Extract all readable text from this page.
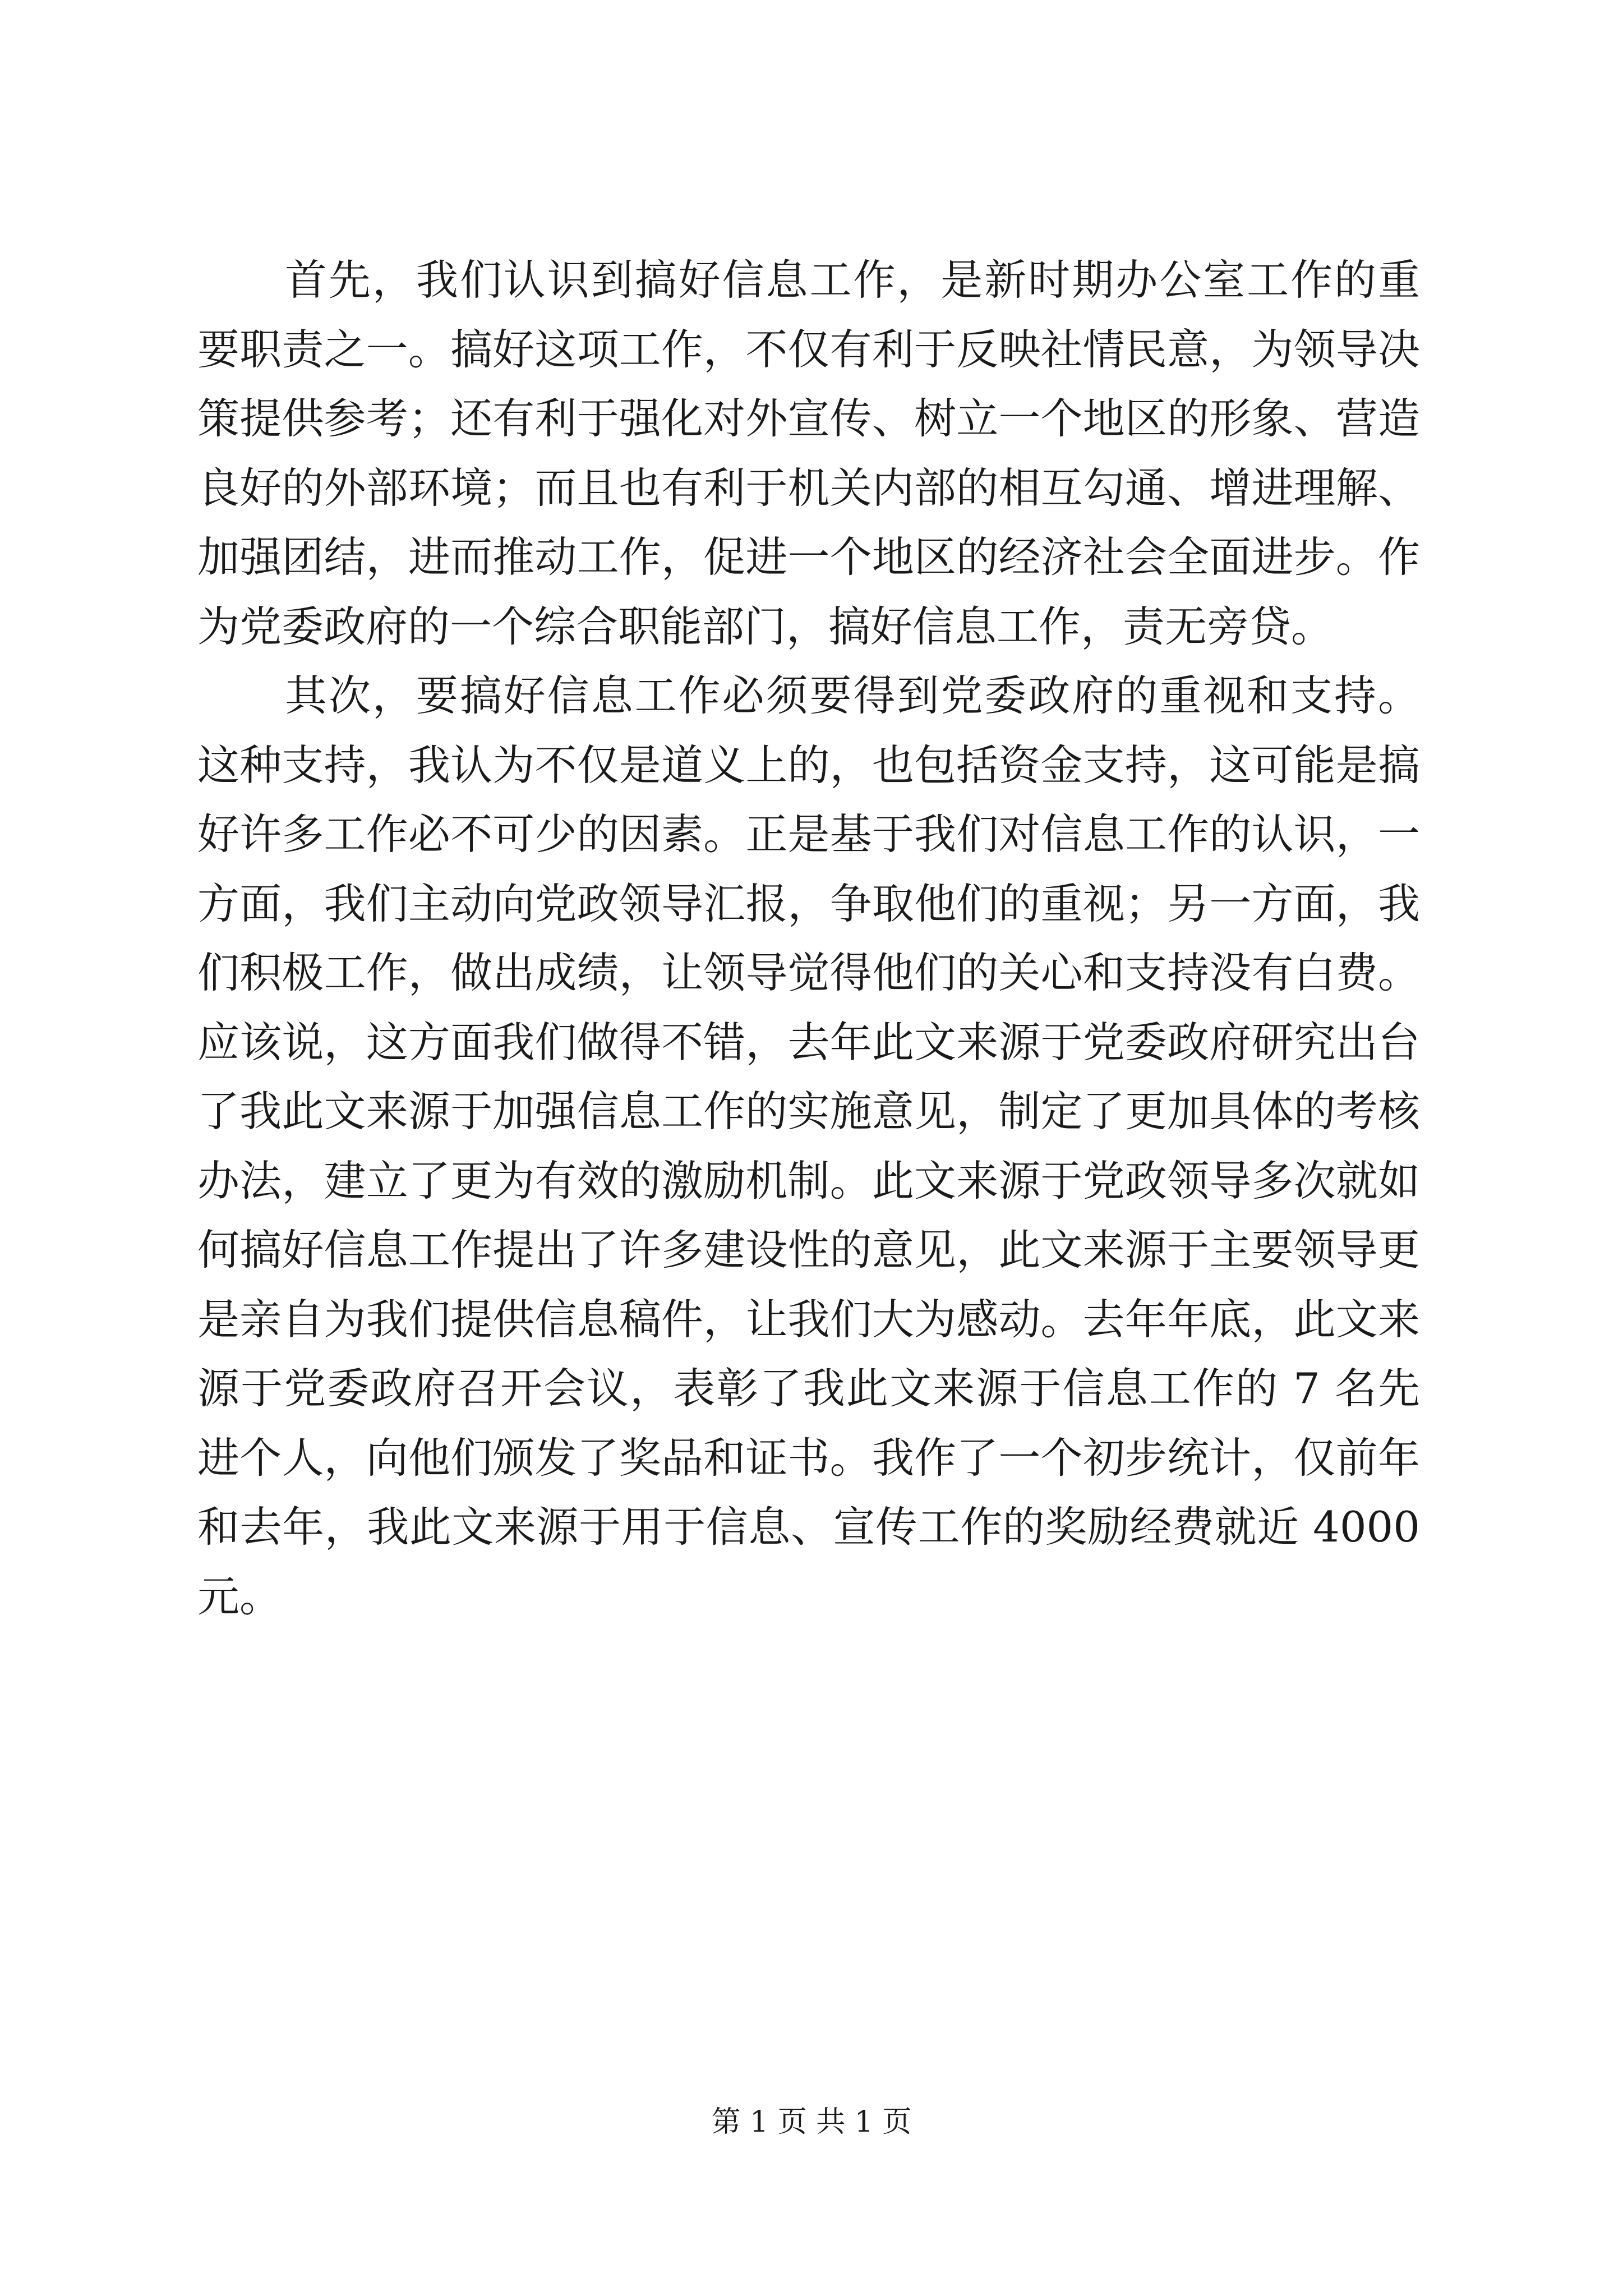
首先，我们认识到搞好信息工作，是新时期办公室工作的重要职责之一。搞好这项工作，不仅有利于反映社情民意，为领导决策提供参考；还有利于强化对外宣传、树立一个地区的形象、营造良好的外部环境；而且也有利于机关内部的相互勾通、增进理解、加强团结，进而推动工作，促进一个地区的经济社会全面进步。作为党委政府的一个综合职能部门，搞好信息工作，责无旁贷。

其次，要搞好信息工作必须要得到党委政府的重视和支持。这种支持，我认为不仅是道义上的，也包括资金支持，这可能是搞好许多工作必不可少的因素。正是基于我们对信息工作的认识，一方面，我们主动向党政领导汇报，争取他们的重视；另一方面，我们积极工作，做出成绩，让领导觉得他们的关心和支持没有白费。应该说，这方面我们做得不错，去年此文来源于党委政府研究出台了我此文来源于加强信息工作的实施意见，制定了更加具体的考核办法，建立了更为有效的激励机制。此文来源于党政领导多次就如何搞好信息工作提出了许多建设性的意见，此文来源于主要领导更是亲自为我们提供信息稿件，让我们大为感动。去年年底，此文来源于党委政府召开会议，表彰了我此文来源于信息工作的 7 名先进个人，向他们颁发了奖品和证书。我作了一个初步统计，仅前年和去年，我此文来源于用于信息、宣传工作的奖励经费就近 4000 元。

第 1 页 共 1 页
